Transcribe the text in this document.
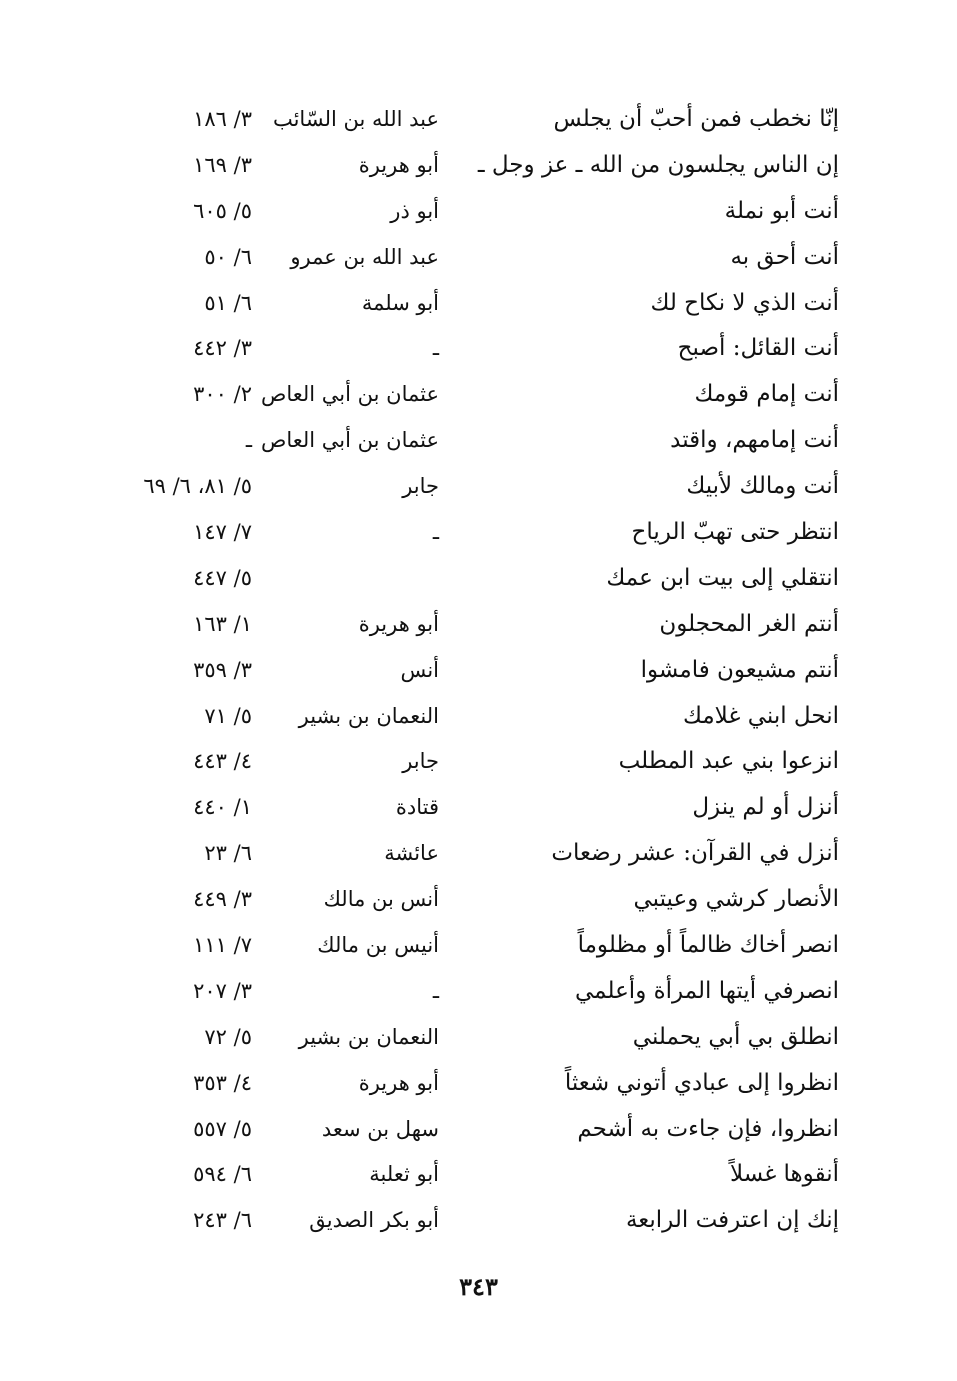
إنّا نخطب فمن أحبّ أن يجلس
عبد الله بن السّائب
٣/ ١٨٦
إن الناس يجلسون من الله ـ عز وجل ـ
أبو هريرة
٣/ ١٦٩
أنت أبو نملة
أبو ذر
٥/ ٦٠٥
أنت أحق به
عبد الله بن عمرو
٦/ ٥٠
أنت الذي لا نكاح لك
أبو سلمة
٦/ ٥١
أنت القائل: أصبح
ـ
٣/ ٤٤٢
أنت إمام قومك
عثمان بن أبي العاص
٢/ ٣٠٠
أنت إمامهم، واقتد
عثمان بن أبي العاص
ـ
أنت ومالك لأبيك
جابر
٥/ ٨١، ٦/ ٦٩
انتظر حتى تهبّ الرياح
ـ
٧/ ١٤٧
انتقلي إلى بيت ابن عمك
٥/ ٤٤٧
أنتم الغر المحجلون
أبو هريرة
١/ ١٦٣
أنتم مشيعون فامشوا
أنس
٣/ ٣٥٩
انحل ابني غلامك
النعمان بن بشير
٥/ ٧١
انزعوا بني عبد المطلب
جابر
٤/ ٤٤٣
أنزل أو لم ينزل
قتادة
١/ ٤٤٠
أنزل في القرآن: عشر رضعات
عائشة
٦/ ٢٣
الأنصار كرشي وعيتبي
أنس بن مالك
٣/ ٤٤٩
انصر أخاك ظالماً أو مظلوماً
أنيس بن مالك
٧/ ١١١
انصرفي أيتها المرأة وأعلمي
ـ
٣/ ٢٠٧
انطلق بي أبي يحملني
النعمان بن بشير
٥/ ٧٢
انظروا إلى عبادي أتوني شعثاً
أبو هريرة
٤/ ٣٥٣
انظروا، فإن جاءت به أشحم
سهل بن سعد
٥/ ٥٥٧
أنقوها غسلاً
أبو ثعلبة
٦/ ٥٩٤
إنك إن اعترفت الرابعة
أبو بكر الصديق
٦/ ٢٤٣
٣٤٣
